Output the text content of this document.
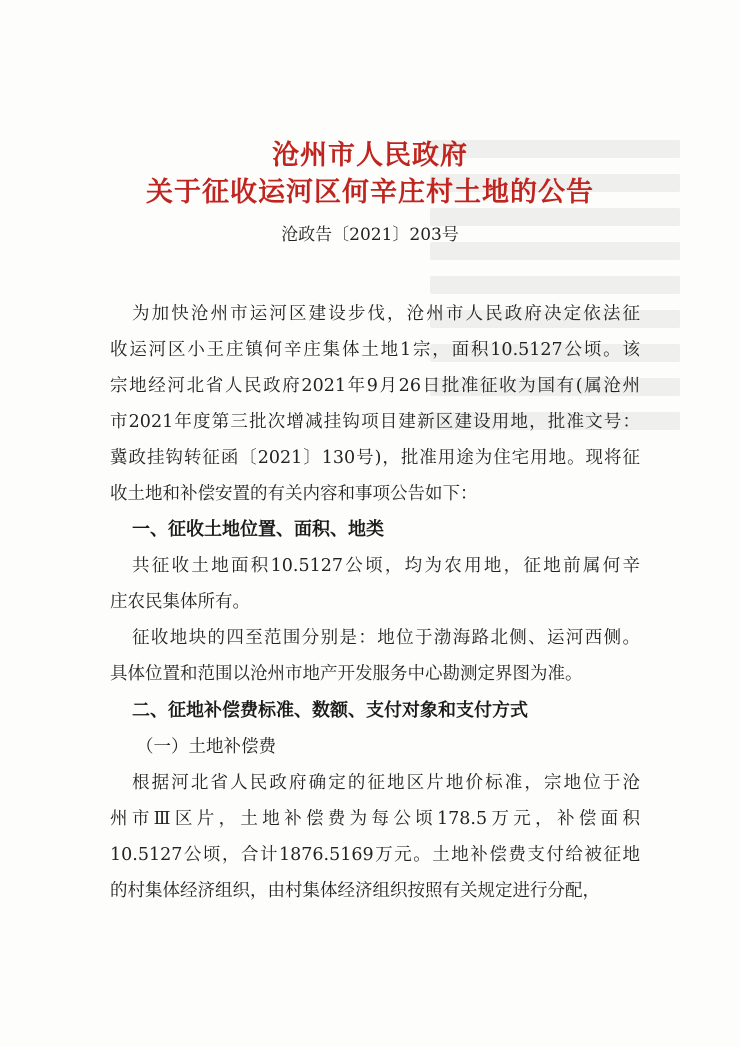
沧州市人民政府
关于征收运河区何辛庄村土地的公告
沧政告〔2021〕203号
为加快沧州市运河区建设步伐，沧州市人民政府决定依法征
收运河区小王庄镇何辛庄集体土地1宗，面积10.5127公顷。该
宗地经河北省人民政府2021年9月26日批准征收为国有(属沧州
市2021年度第三批次增减挂钩项目建新区建设用地，批准文号：
冀政挂钩转征函〔2021〕130号)，批准用途为住宅用地。现将征
收土地和补偿安置的有关内容和事项公告如下：
一、征收土地位置、面积、地类
共征收土地面积10.5127公顷，均为农用地，征地前属何辛
庄农民集体所有。
征收地块的四至范围分别是：地位于渤海路北侧、运河西侧。
具体位置和范围以沧州市地产开发服务中心勘测定界图为准。
二、征地补偿费标准、数额、支付对象和支付方式
（一）土地补偿费
根据河北省人民政府确定的征地区片地价标准，宗地位于沧
州市Ⅲ区片，土地补偿费为每公顷178.5万元，补偿面积
10.5127公顷，合计1876.5169万元。土地补偿费支付给被征地
的村集体经济组织，由村集体经济组织按照有关规定进行分配，
